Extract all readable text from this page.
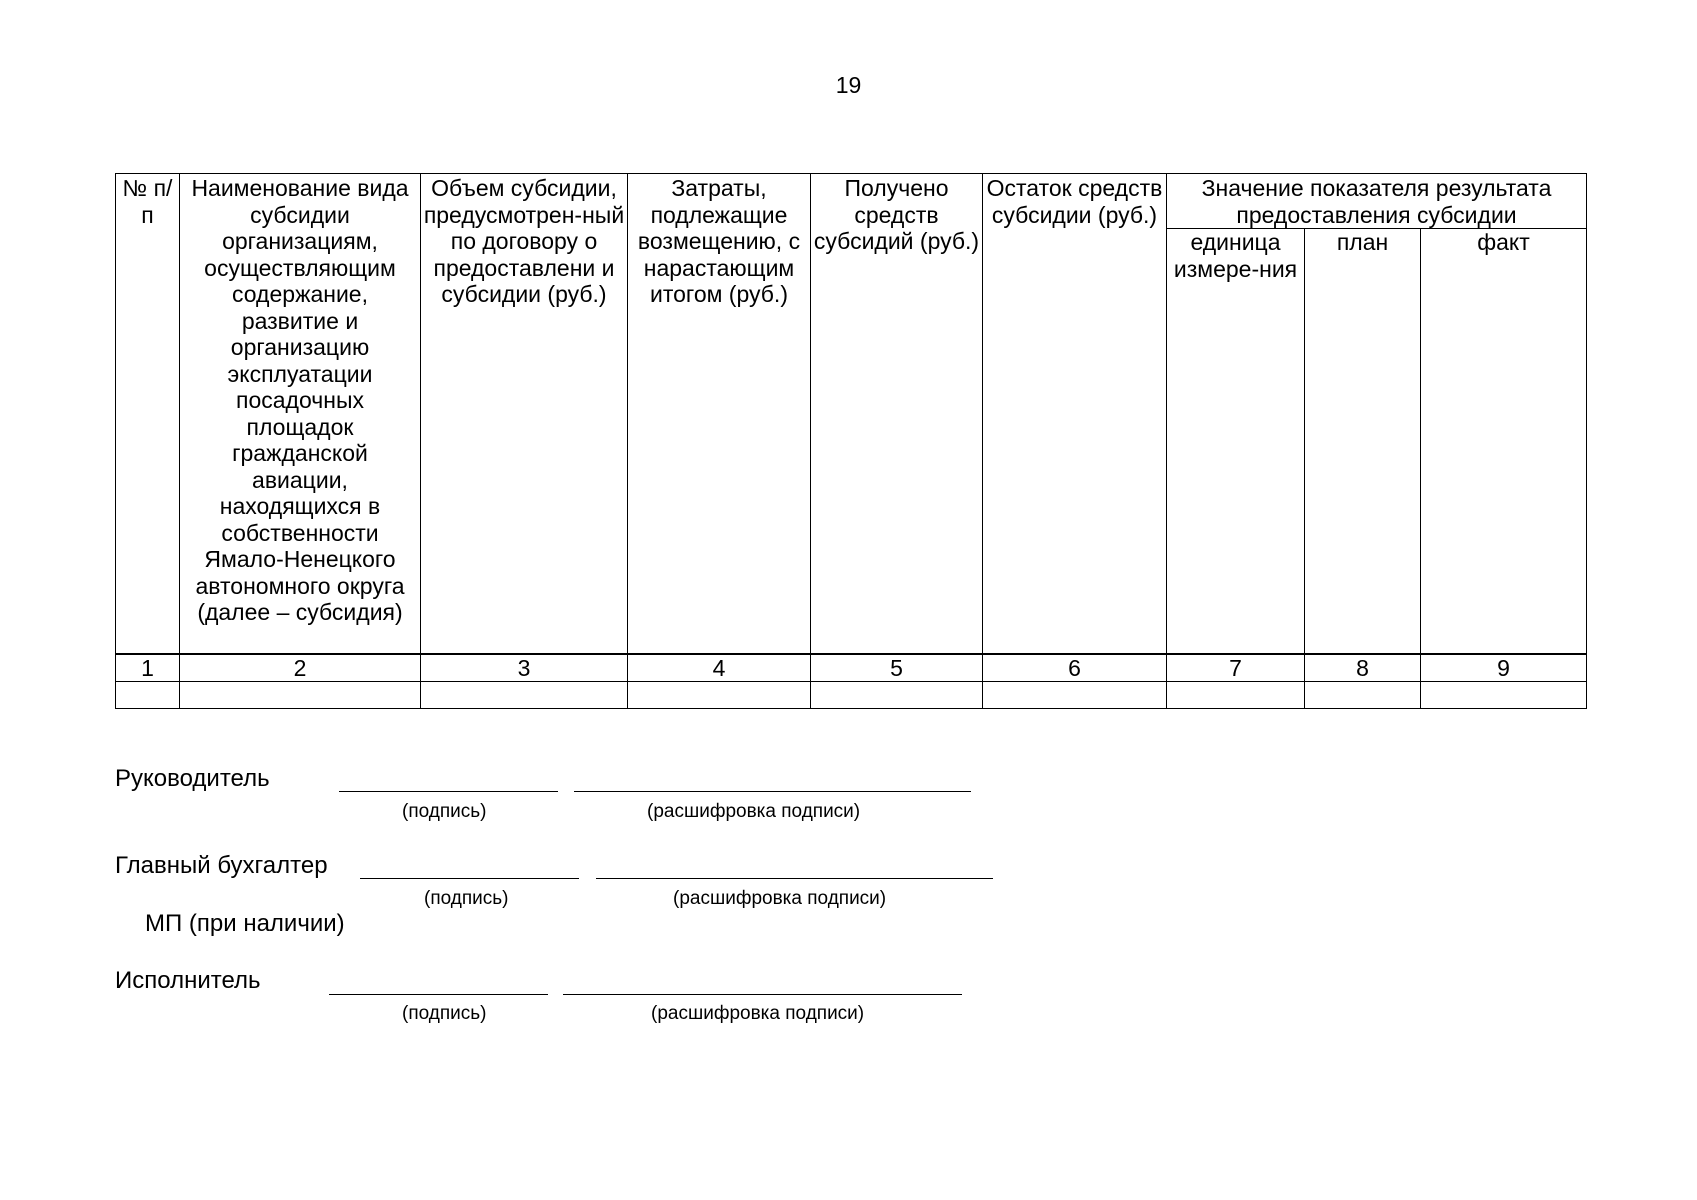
19
№ п/п	Наименование вида субсидии организациям, осуществляющим содержание, развитие и организацию эксплуатации посадочных площадок гражданской авиации, находящихся в собственности Ямало-Ненецкого автономного округа (далее – субсидия)	Объем субсидии, предусмотрен-ный по договору о предоставлени и субсидии (руб.)	Затраты, подлежащие возмещению, с нарастающим итогом (руб.)	Получено средств субсидий (руб.)	Остаток средств субсидии (руб.)	Значение показателя результата предоставления субсидии		
						единица измере-ния	план	факт
1	2	3	4	5	6	7	8	9

Руководитель
(подпись)	(расшифровка подписи)
Главный бухгалтер
(подпись)	(расшифровка подписи)
МП (при наличии)
Исполнитель
(подпись)	(расшифровка подписи)
